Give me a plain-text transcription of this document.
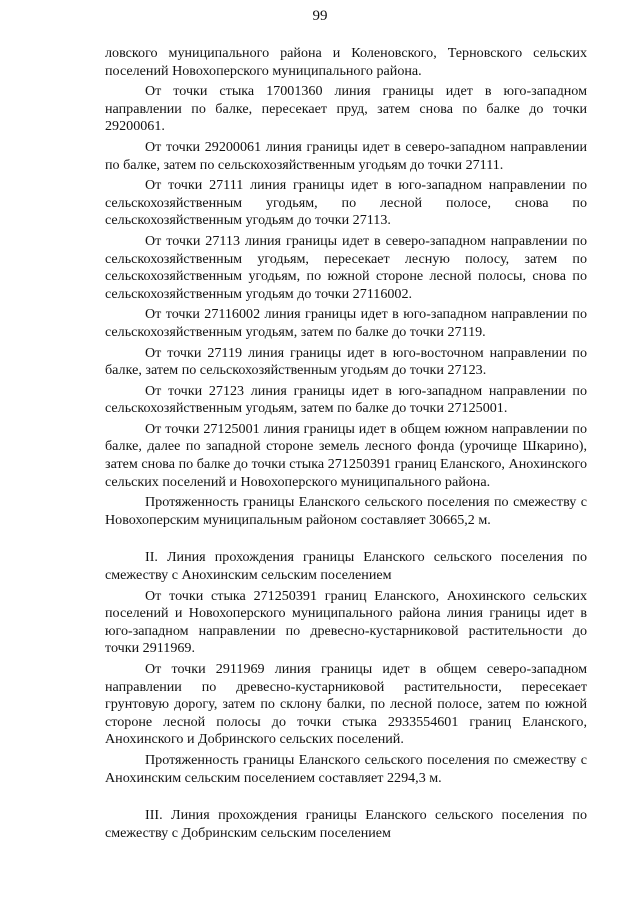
99

ловского муниципального района и Коленовского, Терновского сельских поселений Новохоперского муниципального района.

От точки стыка 17001360 линия границы идет в юго-западном направлении по балке, пересекает пруд, затем снова по балке до точки 29200061.

От точки 29200061 линия границы идет в северо-западном направлении по балке, затем по сельскохозяйственным угодьям до точки 27111.

От точки 27111 линия границы идет в юго-западном направлении по сельскохозяйственным угодьям, по лесной полосе, снова по сельскохозяйственным угодьям до точки 27113.

От точки 27113 линия границы идет в северо-западном направлении по сельскохозяйственным угодьям, пересекает лесную полосу, затем по сельскохозяйственным угодьям, по южной стороне лесной полосы, снова по сельскохозяйственным угодьям до точки 27116002.

От точки 27116002 линия границы идет в юго-западном направлении по сельскохозяйственным угодьям, затем по балке до точки 27119.

От точки 27119 линия границы идет в юго-восточном направлении по балке, затем по сельскохозяйственным угодьям до точки 27123.

От точки 27123 линия границы идет в юго-западном направлении по сельскохозяйственным угодьям, затем по балке до точки 27125001.

От точки 27125001 линия границы идет в общем южном направлении по балке, далее по западной стороне земель лесного фонда (урочище Шкарино), затем снова по балке до точки стыка 271250391 границ Еланского, Анохинского сельских поселений и Новохоперского муниципального района.

Протяженность границы Еланского сельского поселения по смежеству с Новохоперским муниципальным районом составляет 30665,2 м.

II. Линия прохождения границы Еланского сельского поселения по смежеству с Анохинским сельским поселением

От точки стыка 271250391 границ Еланского, Анохинского сельских поселений и Новохоперского муниципального района линия границы идет в юго-западном направлении по древесно-кустарниковой растительности до точки 2911969.

От точки 2911969 линия границы идет в общем северо-западном направлении по древесно-кустарниковой растительности, пересекает грунтовую дорогу, затем по склону балки, по лесной полосе, затем по южной стороне лесной полосы до точки стыка 2933554601 границ Еланского, Анохинского и Добринского сельских поселений.

Протяженность границы Еланского сельского поселения по смежеству с Анохинским сельским поселением составляет 2294,3 м.

III. Линия прохождения границы Еланского сельского поселения по смежеству с Добринским сельским поселением
